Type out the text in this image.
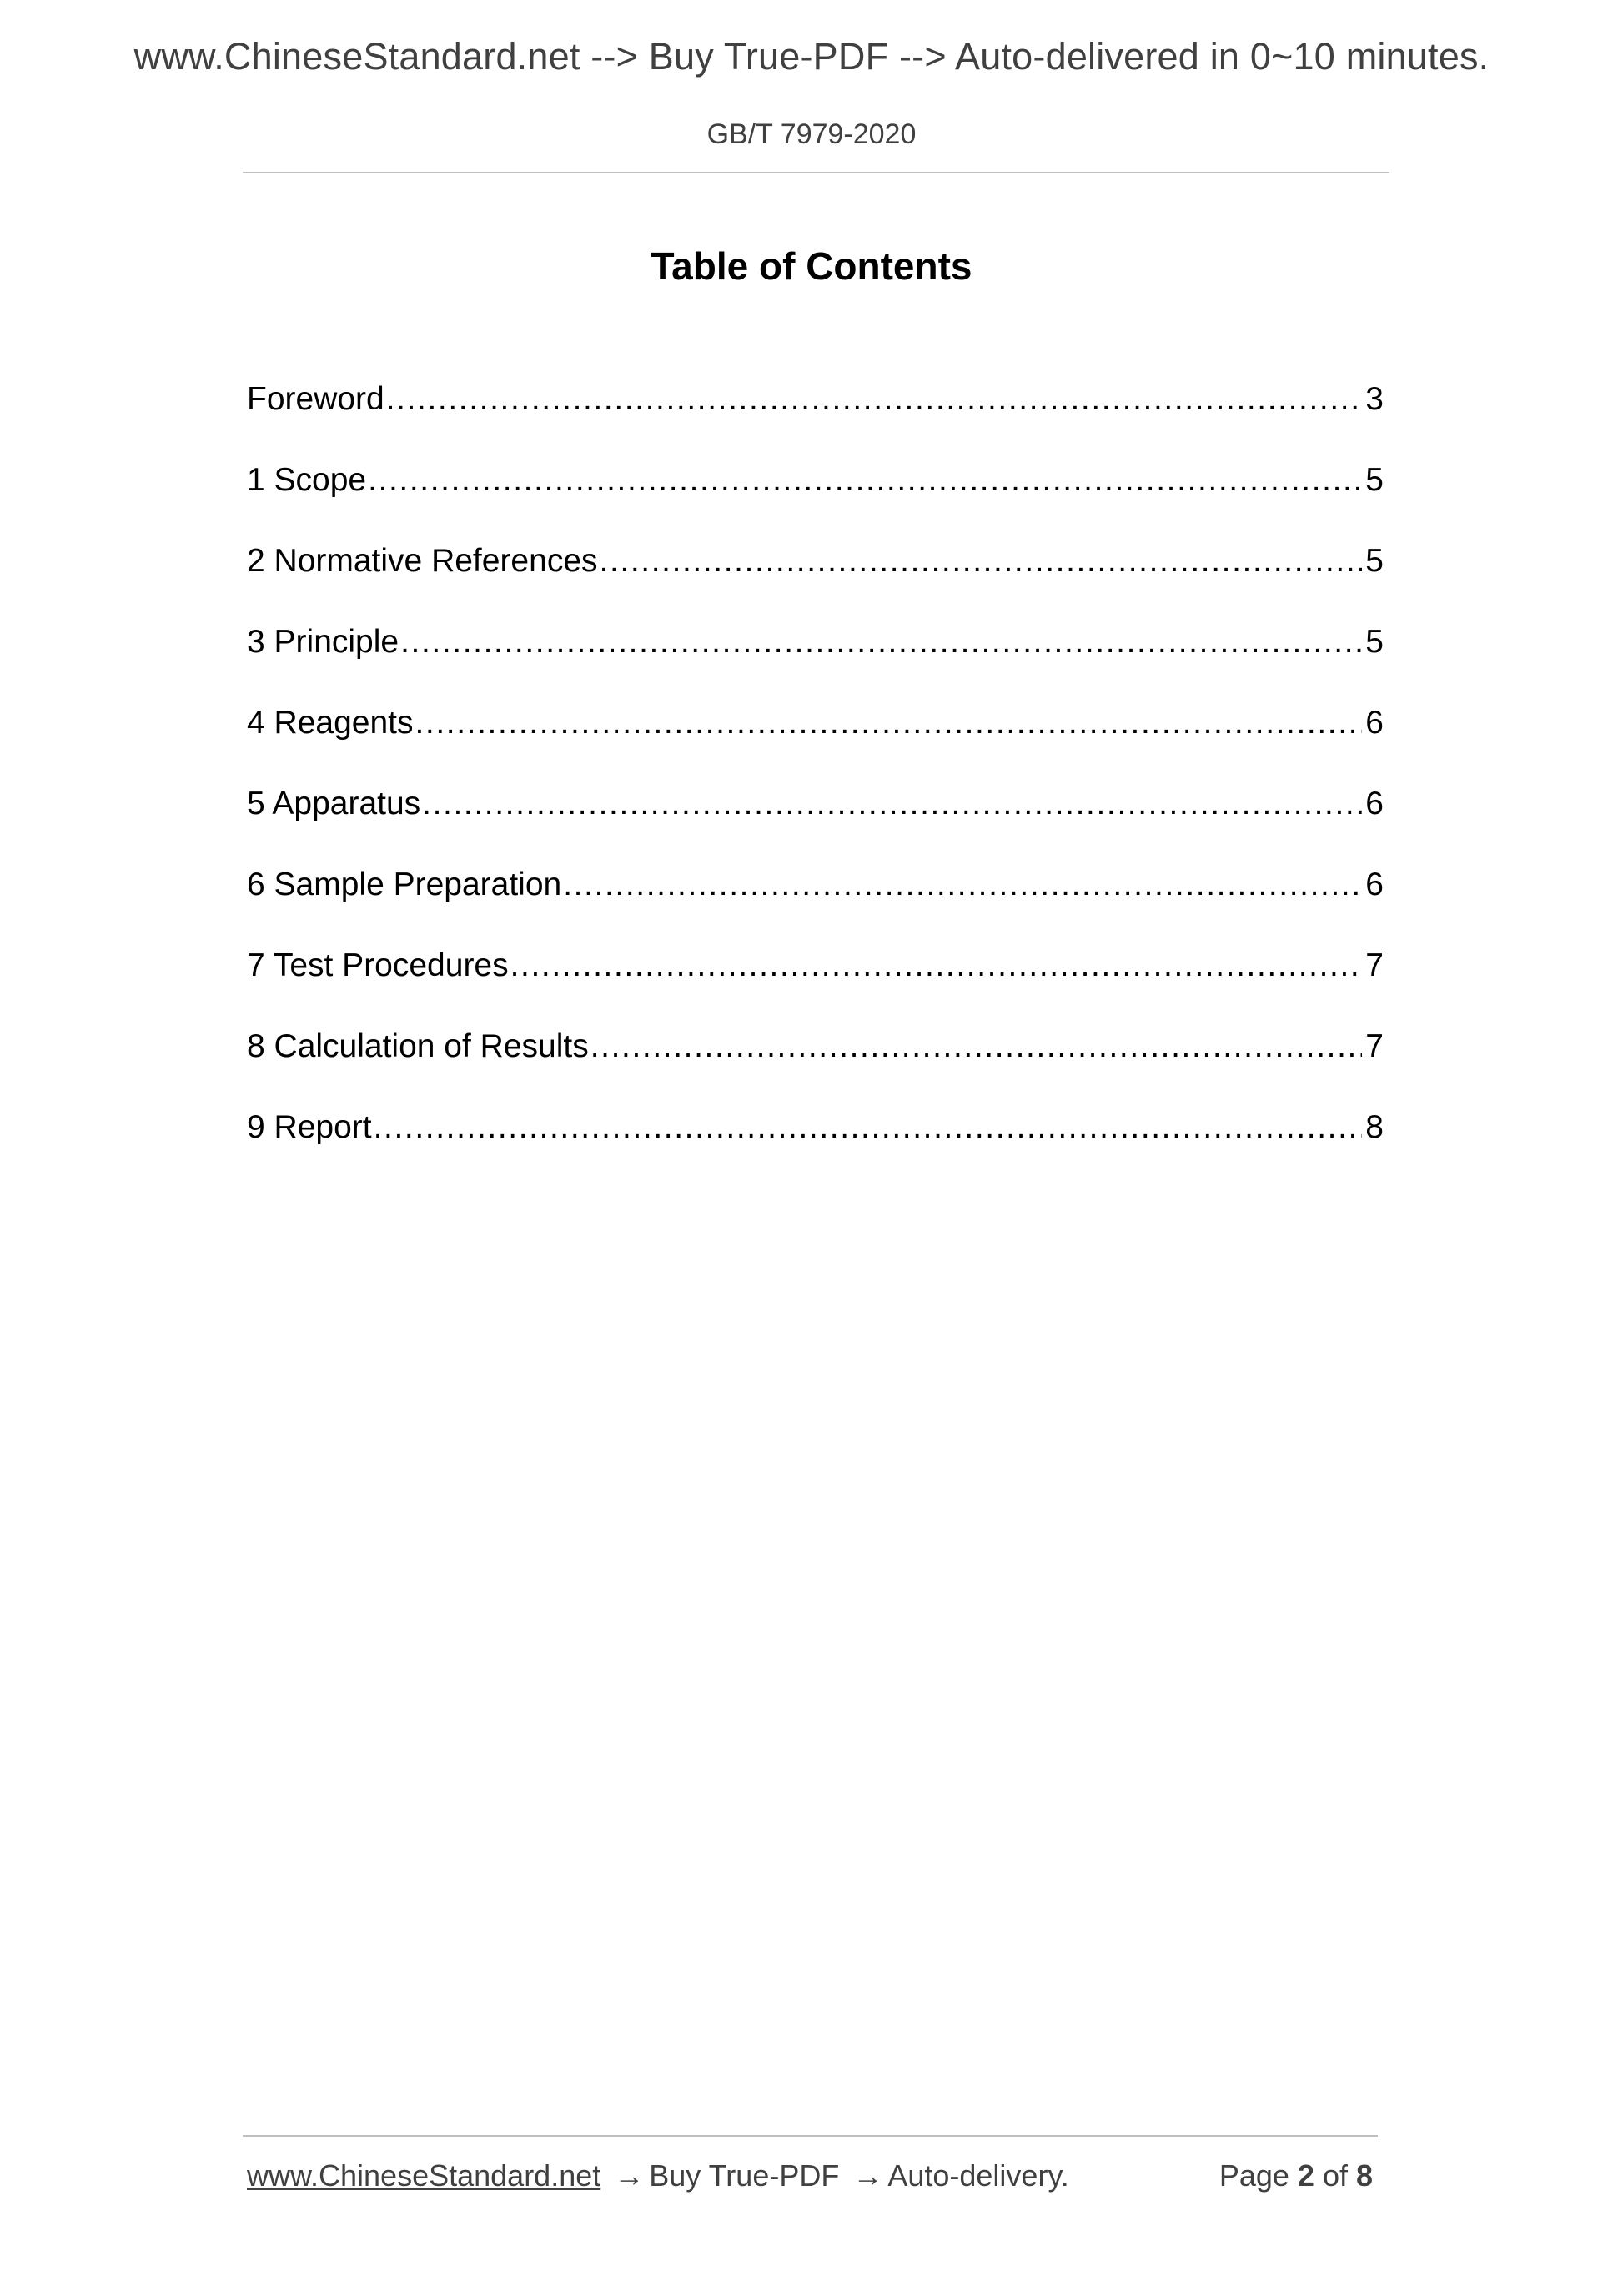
www.ChineseStandard.net --> Buy True-PDF --> Auto-delivered in 0~10 minutes.
GB/T 7979-2020
Table of Contents
Foreword .....	3
1 Scope .....	5
2 Normative References .....	5
3 Principle .....	5
4 Reagents .....	6
5 Apparatus .....	6
6 Sample Preparation .....	6
7 Test Procedures .....	7
8 Calculation of Results .....	7
9 Report .....	8
www.ChineseStandard.net → Buy True-PDF → Auto-delivery.	Page 2 of 8
